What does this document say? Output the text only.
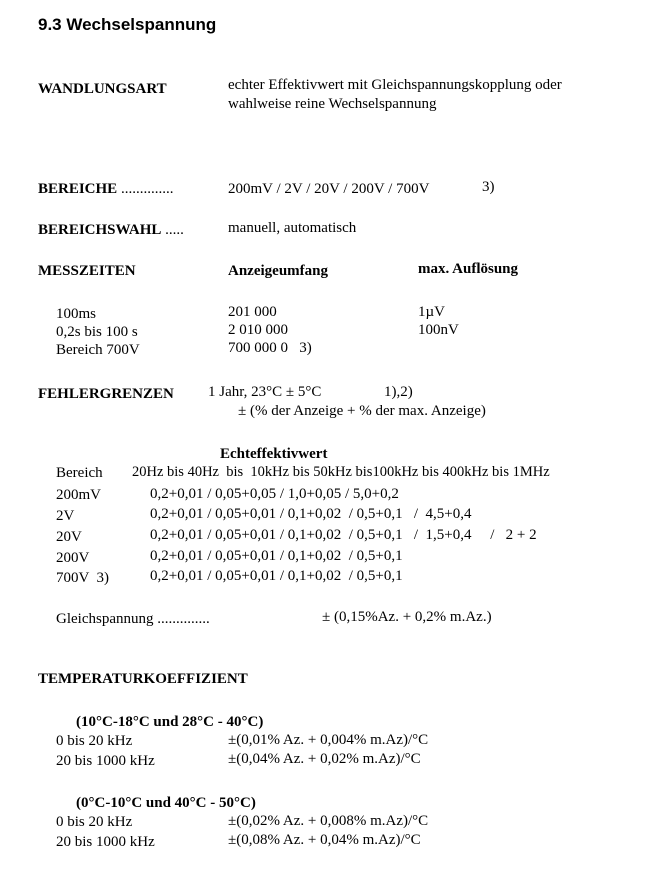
9.3 Wechselspannung
WANDLUNGSART	echter Effektivwert mit Gleichspannungskopplung oder
wahlweise reine Wechselspannung
BEREICHE ..............	200mV / 2V / 20V / 200V / 700V	3)
BEREICHSWAHL .....	manuell, automatisch
MESSZEITEN	Anzeigeumfang	max. Auflösung
100ms	201 000	1µV
0,2s bis 100 s	2 010 000	100nV
Bereich 700V	700 000 0   3)
FEHLERGRENZEN 1 Jahr, 23°C ± 5°C	1),2)
± (% der Anzeige + % der max. Anzeige)
Echteffektivwert
Bereich 20Hz bis 40Hz  bis  10kHz bis 50kHz bis100kHz bis 400kHz bis 1MHz
200mV	0,2+0,01 / 0,05+0,05 / 1,0+0,05 / 5,0+0,2
2V	0,2+0,01 / 0,05+0,01 / 0,1+0,02  / 0,5+0,1   /  4,5+0,4
20V	0,2+0,01 / 0,05+0,01 / 0,1+0,02  / 0,5+0,1   /  1,5+0,4     /   2 + 2
200V	0,2+0,01 / 0,05+0,01 / 0,1+0,02  / 0,5+0,1
700V  3)	0,2+0,01 / 0,05+0,01 / 0,1+0,02  / 0,5+0,1
Gleichspannung ..............	± (0,15%Az. + 0,2% m.Az.)
TEMPERATURKOEFFIZIENT
(10°C-18°C und 28°C - 40°C)
0 bis 20 kHz	±(0,01% Az. + 0,004% m.Az)/°C
20 bis 1000 kHz	±(0,04% Az. + 0,02% m.Az)/°C
(0°C-10°C und 40°C - 50°C)
0 bis 20 kHz	±(0,02% Az. + 0,008% m.Az)/°C
20 bis 1000 kHz	±(0,08% Az. + 0,04% m.Az)/°C
